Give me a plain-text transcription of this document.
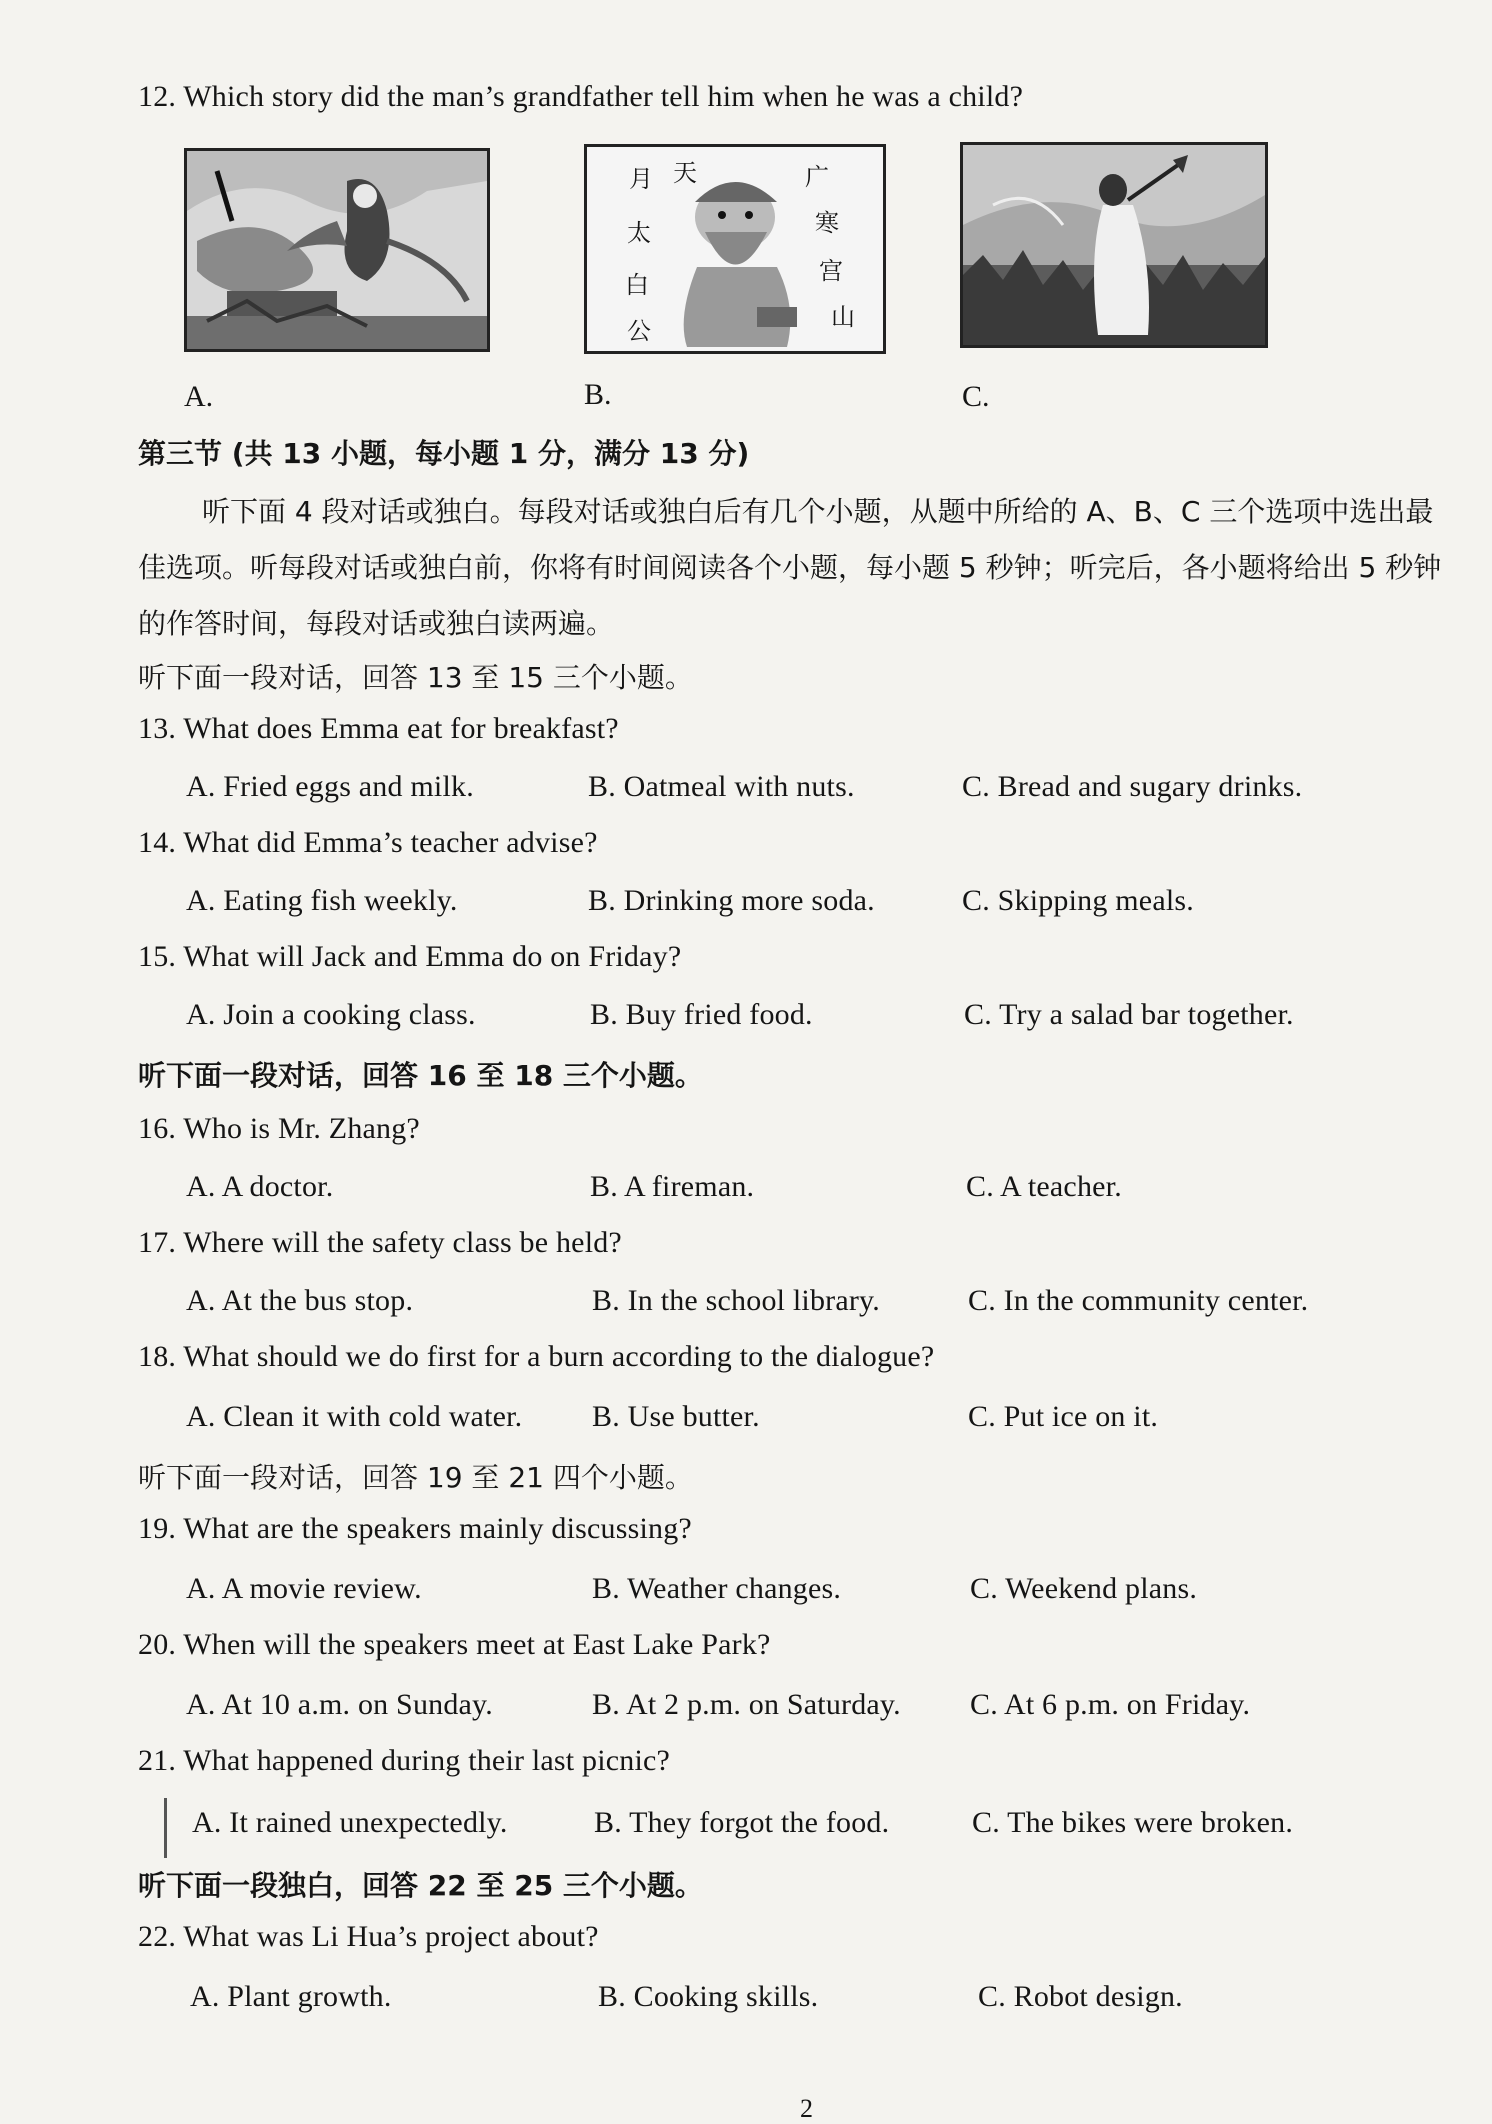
12. Which story did the man’s grandfather tell him when he was a child?
月 天
太
白
公
广
寒
宫
山
A.	B.	C.
第三节 (共 13 小题，每小题 1 分，满分 13 分)
听下面 4 段对话或独白。每段对话或独白后有几个小题，从题中所给的 A、B、C 三个选项中选出最佳选项。听每段对话或独白前，你将有时间阅读各个小题，每小题 5 秒钟；听完后，各小题将给出 5 秒钟的作答时间，每段对话或独白读两遍。
听下面一段对话，回答 13 至 15 三个小题。
13. What does Emma eat for breakfast?
A. Fried eggs and milk.	B. Oatmeal with nuts.	C. Bread and sugary drinks.
14. What did Emma’s teacher advise?
A. Eating fish weekly.	B. Drinking more soda.	C. Skipping meals.
15. What will Jack and Emma do on Friday?
A. Join a cooking class.	B. Buy fried food.	C. Try a salad bar together.
听下面一段对话，回答 16 至 18 三个小题。
16. Who is Mr. Zhang?
A. A doctor.	B. A fireman.	C. A teacher.
17. Where will the safety class be held?
A. At the bus stop.	B. In the school library.	C. In the community center.
18. What should we do first for a burn according to the dialogue?
A. Clean it with cold water. B. Use butter.	C. Put ice on it.
听下面一段对话，回答 19 至 21 四个小题。
19. What are the speakers mainly discussing?
A. A movie review.	B. Weather changes.	C. Weekend plans.
20. When will the speakers meet at East Lake Park?
A. At 10 a.m. on Sunday.	B. At 2 p.m. on Saturday. C. At 6 p.m. on Friday.
21. What happened during their last picnic?
A. It rained unexpectedly.	B. They forgot the food.	C. The bikes were broken.
听下面一段独白，回答 22 至 25 三个小题。
22. What was Li Hua’s project about?
A. Plant growth.	B. Cooking skills.	C. Robot design.
2
